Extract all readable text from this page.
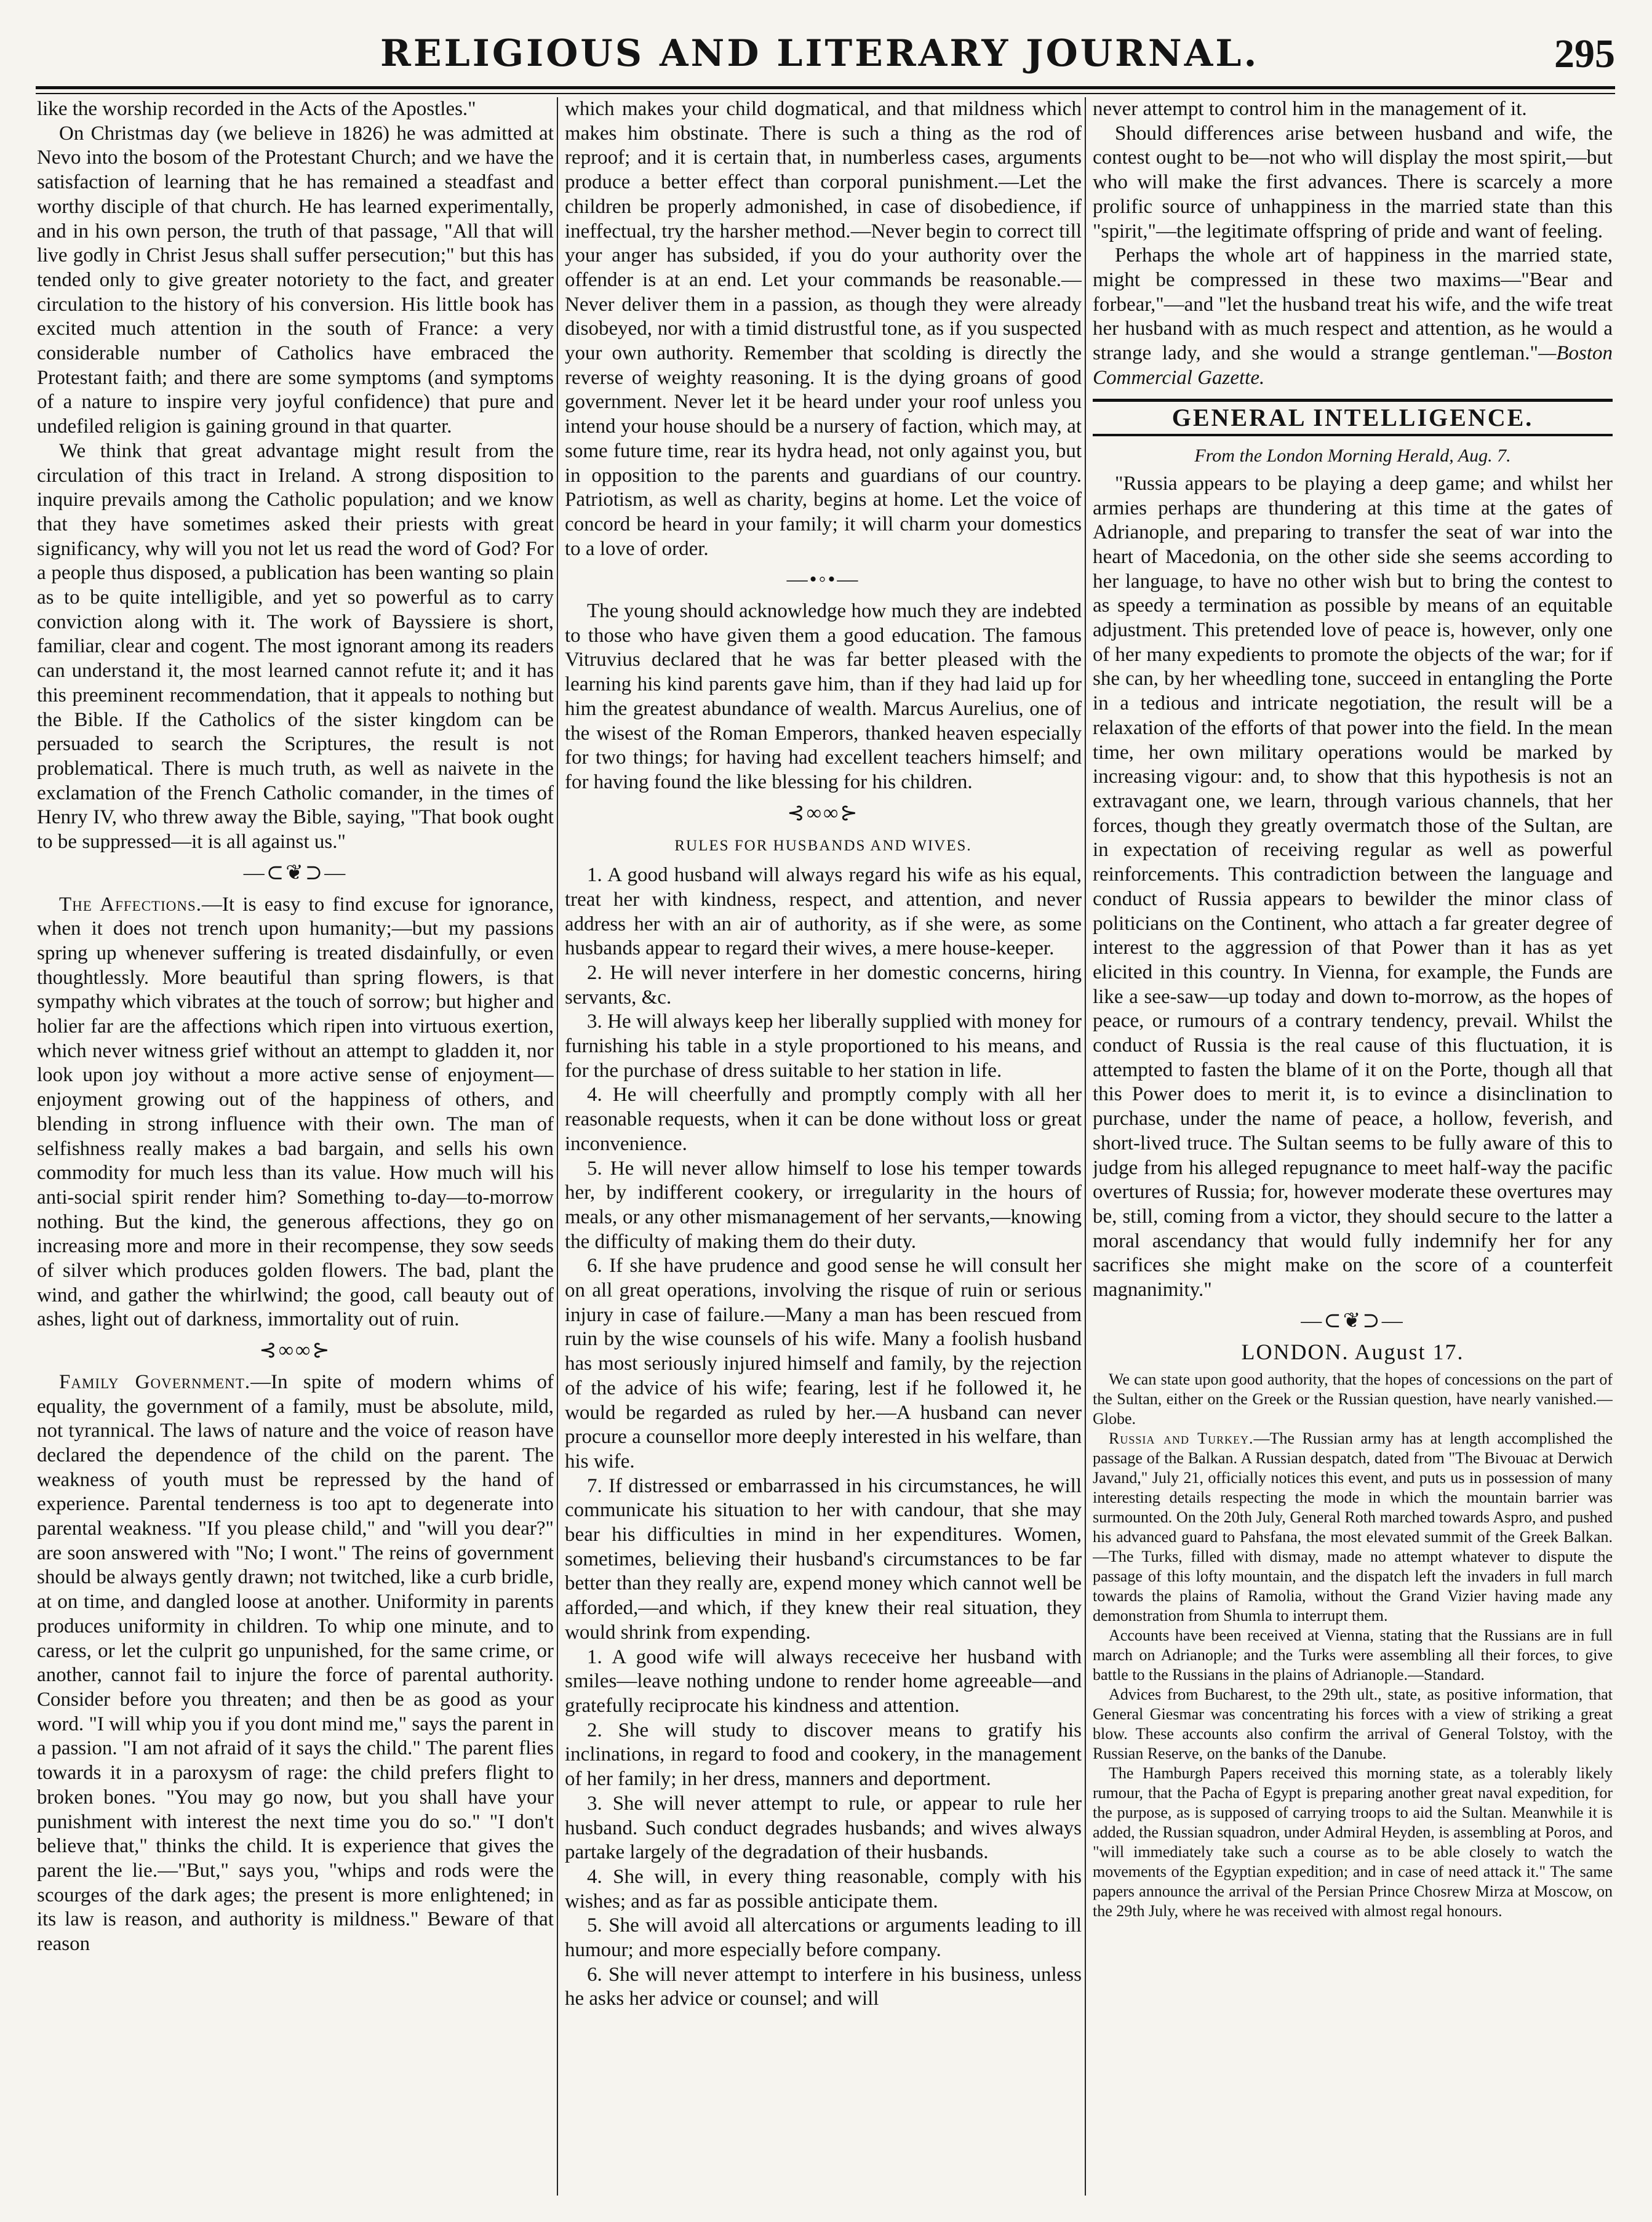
RELIGIOUS AND LITERARY JOURNAL.	295

like the worship recorded in the Acts of the Apostles."

On Christmas day (we believe in 1826) he was admitted at Nevo into the bosom of the Protestant Church; and we have the satisfaction of learning that he has remained a steadfast and worthy disciple of that church. He has learned experimentally, and in his own person, the truth of that passage, "All that will live godly in Christ Jesus shall suffer persecution;" but this has tended only to give greater notoriety to the fact, and greater circulation to the history of his conversion. His little book has excited much attention in the south of France: a very considerable number of Catholics have embraced the Protestant faith; and there are some symptoms (and symptoms of a nature to inspire very joyful confidence) that pure and undefiled religion is gaining ground in that quarter.

We think that great advantage might result from the circulation of this tract in Ireland. A strong disposition to inquire prevails among the Catholic population; and we know that they have sometimes asked their priests with great significancy, why will you not let us read the word of God? For a people thus disposed, a publication has been wanting so plain as to be quite intelligible, and yet so powerful as to carry conviction along with it. The work of Bayssiere is short, familiar, clear and cogent. The most ignorant among its readers can understand it, the most learned cannot refute it; and it has this preeminent recommendation, that it appeals to nothing but the Bible. If the Catholics of the sister kingdom can be persuaded to search the Scriptures, the result is not problematical. There is much truth, as well as naivete in the exclamation of the French Catholic comander, in the times of Henry IV, who threw away the Bible, saying, "That book ought to be suppressed—it is all against us."

—⊂❦⊃—

The Affections.—It is easy to find excuse for ignorance, when it does not trench upon humanity;—but my passions spring up whenever suffering is treated disdainfully, or even thoughtlessly. More beautiful than spring flowers, is that sympathy which vibrates at the touch of sorrow; but higher and holier far are the affections which ripen into virtuous exertion, which never witness grief without an attempt to gladden it, nor look upon joy without a more active sense of enjoyment—enjoyment growing out of the happiness of others, and blending in strong influence with their own. The man of selfishness really makes a bad bargain, and sells his own commodity for much less than its value. How much will his anti-social spirit render him? Something to-day—to-morrow nothing. But the kind, the generous affections, they go on increasing more and more in their recompense, they sow seeds of silver which produces golden flowers. The bad, plant the wind, and gather the whirlwind; the good, call beauty out of ashes, light out of darkness, immortality out of ruin.

⊰∞∞⊱

Family Government.—In spite of modern whims of equality, the government of a family, must be absolute, mild, not tyrannical. The laws of nature and the voice of reason have declared the dependence of the child on the parent. The weakness of youth must be repressed by the hand of experience. Parental tenderness is too apt to degenerate into parental weakness. "If you please child," and "will you dear?" are soon answered with "No; I wont." The reins of government should be always gently drawn; not twitched, like a curb bridle, at on time, and dangled loose at another. Uniformity in parents produces uniformity in children. To whip one minute, and to caress, or let the culprit go unpunished, for the same crime, or another, cannot fail to injure the force of parental authority. Consider before you threaten; and then be as good as your word. "I will whip you if you dont mind me," says the parent in a passion. "I am not afraid of it says the child." The parent flies towards it in a paroxysm of rage: the child prefers flight to broken bones. "You may go now, but you shall have your punishment with interest the next time you do so." "I don't believe that," thinks the child. It is experience that gives the parent the lie.—"But," says you, "whips and rods were the scourges of the dark ages; the present is more enlightened; in its law is reason, and authority is mildness." Beware of that reason

which makes your child dogmatical, and that mildness which makes him obstinate. There is such a thing as the rod of reproof; and it is certain that, in numberless cases, arguments produce a better effect than corporal punishment.—Let the children be properly admonished, in case of disobedience, if ineffectual, try the harsher method.—Never begin to correct till your anger has subsided, if you do your authority over the offender is at an end. Let your commands be reasonable.—Never deliver them in a passion, as though they were already disobeyed, nor with a timid distrustful tone, as if you suspected your own authority. Remember that scolding is directly the reverse of weighty reasoning. It is the dying groans of good government. Never let it be heard under your roof unless you intend your house should be a nursery of faction, which may, at some future time, rear its hydra head, not only against you, but in opposition to the parents and guardians of our country. Patriotism, as well as charity, begins at home. Let the voice of concord be heard in your family; it will charm your domestics to a love of order.

—•◦•—

The young should acknowledge how much they are indebted to those who have given them a good education. The famous Vitruvius declared that he was far better pleased with the learning his kind parents gave him, than if they had laid up for him the greatest abundance of wealth. Marcus Aurelius, one of the wisest of the Roman Emperors, thanked heaven especially for two things; for having had excellent teachers himself; and for having found the like blessing for his children.

⊰∞∞⊱
RULES FOR HUSBANDS AND WIVES.

1. A good husband will always regard his wife as his equal, treat her with kindness, respect, and attention, and never address her with an air of authority, as if she were, as some husbands appear to regard their wives, a mere house-keeper.

2. He will never interfere in her domestic concerns, hiring servants, &c.

3. He will always keep her liberally supplied with money for furnishing his table in a style proportioned to his means, and for the purchase of dress suitable to her station in life.

4. He will cheerfully and promptly comply with all her reasonable requests, when it can be done without loss or great inconvenience.

5. He will never allow himself to lose his temper towards her, by indifferent cookery, or irregularity in the hours of meals, or any other mismanagement of her servants,—knowing the difficulty of making them do their duty.

6. If she have prudence and good sense he will consult her on all great operations, involving the risque of ruin or serious injury in case of failure.—Many a man has been rescued from ruin by the wise counsels of his wife. Many a foolish husband has most seriously injured himself and family, by the rejection of the advice of his wife; fearing, lest if he followed it, he would be regarded as ruled by her.—A husband can never procure a counsellor more deeply interested in his welfare, than his wife.

7. If distressed or embarrassed in his circumstances, he will communicate his situation to her with candour, that she may bear his difficulties in mind in her expenditures. Women, sometimes, believing their husband's circumstances to be far better than they really are, expend money which cannot well be afforded,—and which, if they knew their real situation, they would shrink from expending.

1. A good wife will always receceive her husband with smiles—leave nothing undone to render home agreeable—and gratefully reciprocate his kindness and attention.

2. She will study to discover means to gratify his inclinations, in regard to food and cookery, in the management of her family; in her dress, manners and deportment.

3. She will never attempt to rule, or appear to rule her husband. Such conduct degrades husbands; and wives always partake largely of the degradation of their husbands.

4. She will, in every thing reasonable, comply with his wishes; and as far as possible anticipate them.

5. She will avoid all altercations or arguments leading to ill humour; and more especially before company.

6. She will never attempt to interfere in his business, unless he asks her advice or counsel; and will

never attempt to control him in the management of it.

Should differences arise between husband and wife, the contest ought to be—not who will display the most spirit,—but who will make the first advances. There is scarcely a more prolific source of unhappiness in the married state than this "spirit,"—the legitimate offspring of pride and want of feeling.

Perhaps the whole art of happiness in the married state, might be compressed in these two maxims—"Bear and forbear,"—and "let the husband treat his wife, and the wife treat her husband with as much respect and attention, as he would a strange lady, and she would a strange gentleman."—Boston Commercial Gazette.

GENERAL INTELLIGENCE.
From the London Morning Herald, Aug. 7.

"Russia appears to be playing a deep game; and whilst her armies perhaps are thundering at this time at the gates of Adrianople, and preparing to transfer the seat of war into the heart of Macedonia, on the other side she seems according to her language, to have no other wish but to bring the contest to as speedy a termination as possible by means of an equitable adjustment. This pretended love of peace is, however, only one of her many expedients to promote the objects of the war; for if she can, by her wheedling tone, succeed in entangling the Porte in a tedious and intricate negotiation, the result will be a relaxation of the efforts of that power into the field. In the mean time, her own military operations would be marked by increasing vigour: and, to show that this hypothesis is not an extravagant one, we learn, through various channels, that her forces, though they greatly overmatch those of the Sultan, are in expectation of receiving regular as well as powerful reinforcements. This contradiction between the language and conduct of Russia appears to bewilder the minor class of politicians on the Continent, who attach a far greater degree of interest to the aggression of that Power than it has as yet elicited in this country. In Vienna, for example, the Funds are like a see-saw—up today and down to-morrow, as the hopes of peace, or rumours of a contrary tendency, prevail. Whilst the conduct of Russia is the real cause of this fluctuation, it is attempted to fasten the blame of it on the Porte, though all that this Power does to merit it, is to evince a disinclination to purchase, under the name of peace, a hollow, feverish, and short-lived truce. The Sultan seems to be fully aware of this to judge from his alleged repugnance to meet half-way the pacific overtures of Russia; for, however moderate these overtures may be, still, coming from a victor, they should secure to the latter a moral ascendancy that would fully indemnify her for any sacrifices she might make on the score of a counterfeit magnanimity."

—⊂❦⊃—
LONDON. August 17.

We can state upon good authority, that the hopes of concessions on the part of the Sultan, either on the Greek or the Russian question, have nearly vanished.—Globe.

Russia and Turkey.—The Russian army has at length accomplished the passage of the Balkan. A Russian despatch, dated from "The Bivouac at Derwich Javand," July 21, officially notices this event, and puts us in possession of many interesting details respecting the mode in which the mountain barrier was surmounted. On the 20th July, General Roth marched towards Aspro, and pushed his advanced guard to Pahsfana, the most elevated summit of the Greek Balkan.—The Turks, filled with dismay, made no attempt whatever to dispute the passage of this lofty mountain, and the dispatch left the invaders in full march towards the plains of Ramolia, without the Grand Vizier having made any demonstration from Shumla to interrupt them.

Accounts have been received at Vienna, stating that the Russians are in full march on Adrianople; and the Turks were assembling all their forces, to give battle to the Russians in the plains of Adrianople.—Standard.

Advices from Bucharest, to the 29th ult., state, as positive information, that General Giesmar was concentrating his forces with a view of striking a great blow. These accounts also confirm the arrival of General Tolstoy, with the Russian Reserve, on the banks of the Danube.

The Hamburgh Papers received this morning state, as a tolerably likely rumour, that the Pacha of Egypt is preparing another great naval expedition, for the purpose, as is supposed of carrying troops to aid the Sultan. Meanwhile it is added, the Russian squadron, under Admiral Heyden, is assembling at Poros, and "will immediately take such a course as to be able closely to watch the movements of the Egyptian expedition; and in case of need attack it." The same papers announce the arrival of the Persian Prince Chosrew Mirza at Moscow, on the 29th July, where he was received with almost regal honours.
